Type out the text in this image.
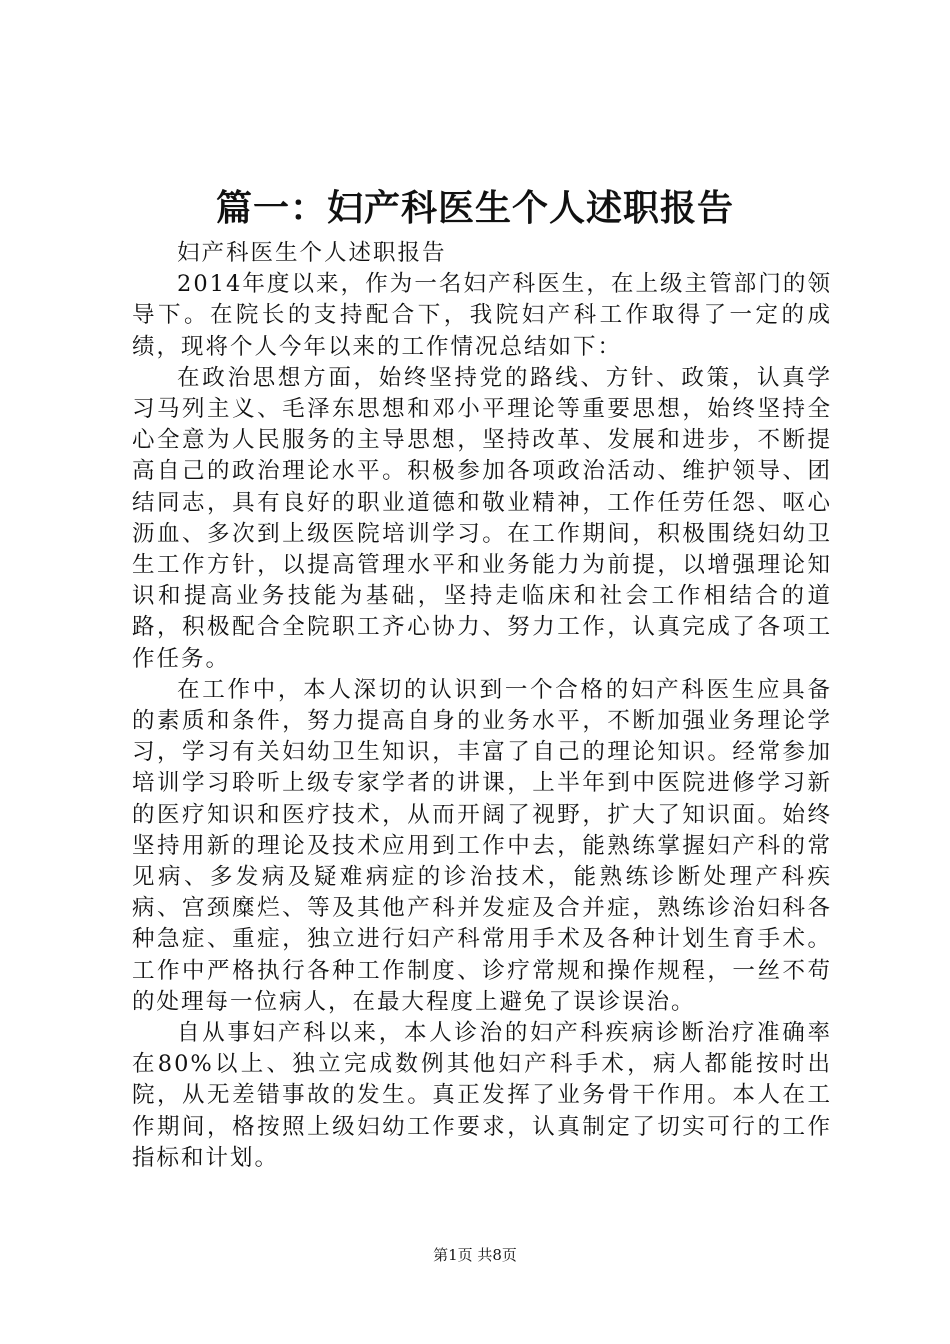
篇一：妇产科医生个人述职报告

妇产科医生个人述职报告

2014年度以来，作为一名妇产科医生，在上级主管部门的领导下。在院长的支持配合下，我院妇产科工作取得了一定的成绩，现将个人今年以来的工作情况总结如下：

在政治思想方面，始终坚持党的路线、方针、政策，认真学习马列主义、毛泽东思想和邓小平理论等重要思想，始终坚持全心全意为人民服务的主导思想，坚持改革、发展和进步，不断提高自己的政治理论水平。积极参加各项政治活动、维护领导、团结同志，具有良好的职业道德和敬业精神，工作任劳任怨、呕心沥血、多次到上级医院培训学习。在工作期间，积极围绕妇幼卫生工作方针，以提高管理水平和业务能力为前提，以增强理论知识和提高业务技能为基础，坚持走临床和社会工作相结合的道路，积极配合全院职工齐心协力、努力工作，认真完成了各项工作任务。

在工作中，本人深切的认识到一个合格的妇产科医生应具备的素质和条件，努力提高自身的业务水平，不断加强业务理论学习，学习有关妇幼卫生知识，丰富了自己的理论知识。经常参加培训学习聆听上级专家学者的讲课，上半年到中医院进修学习新的医疗知识和医疗技术，从而开阔了视野，扩大了知识面。始终坚持用新的理论及技术应用到工作中去，能熟练掌握妇产科的常见病、多发病及疑难病症的诊治技术，能熟练诊断处理产科疾病、宫颈糜烂、等及其他产科并发症及合并症，熟练诊治妇科各种急症、重症，独立进行妇产科常用手术及各种计划生育手术。工作中严格执行各种工作制度、诊疗常规和操作规程，一丝不苟的处理每一位病人，在最大程度上避免了误诊误治。

自从事妇产科以来，本人诊治的妇产科疾病诊断治疗准确率在80%以上、独立完成数例其他妇产科手术，病人都能按时出院，从无差错事故的发生。真正发挥了业务骨干作用。本人在工作期间，格按照上级妇幼工作要求，认真制定了切实可行的工作指标和计划。

第1页 共8页
